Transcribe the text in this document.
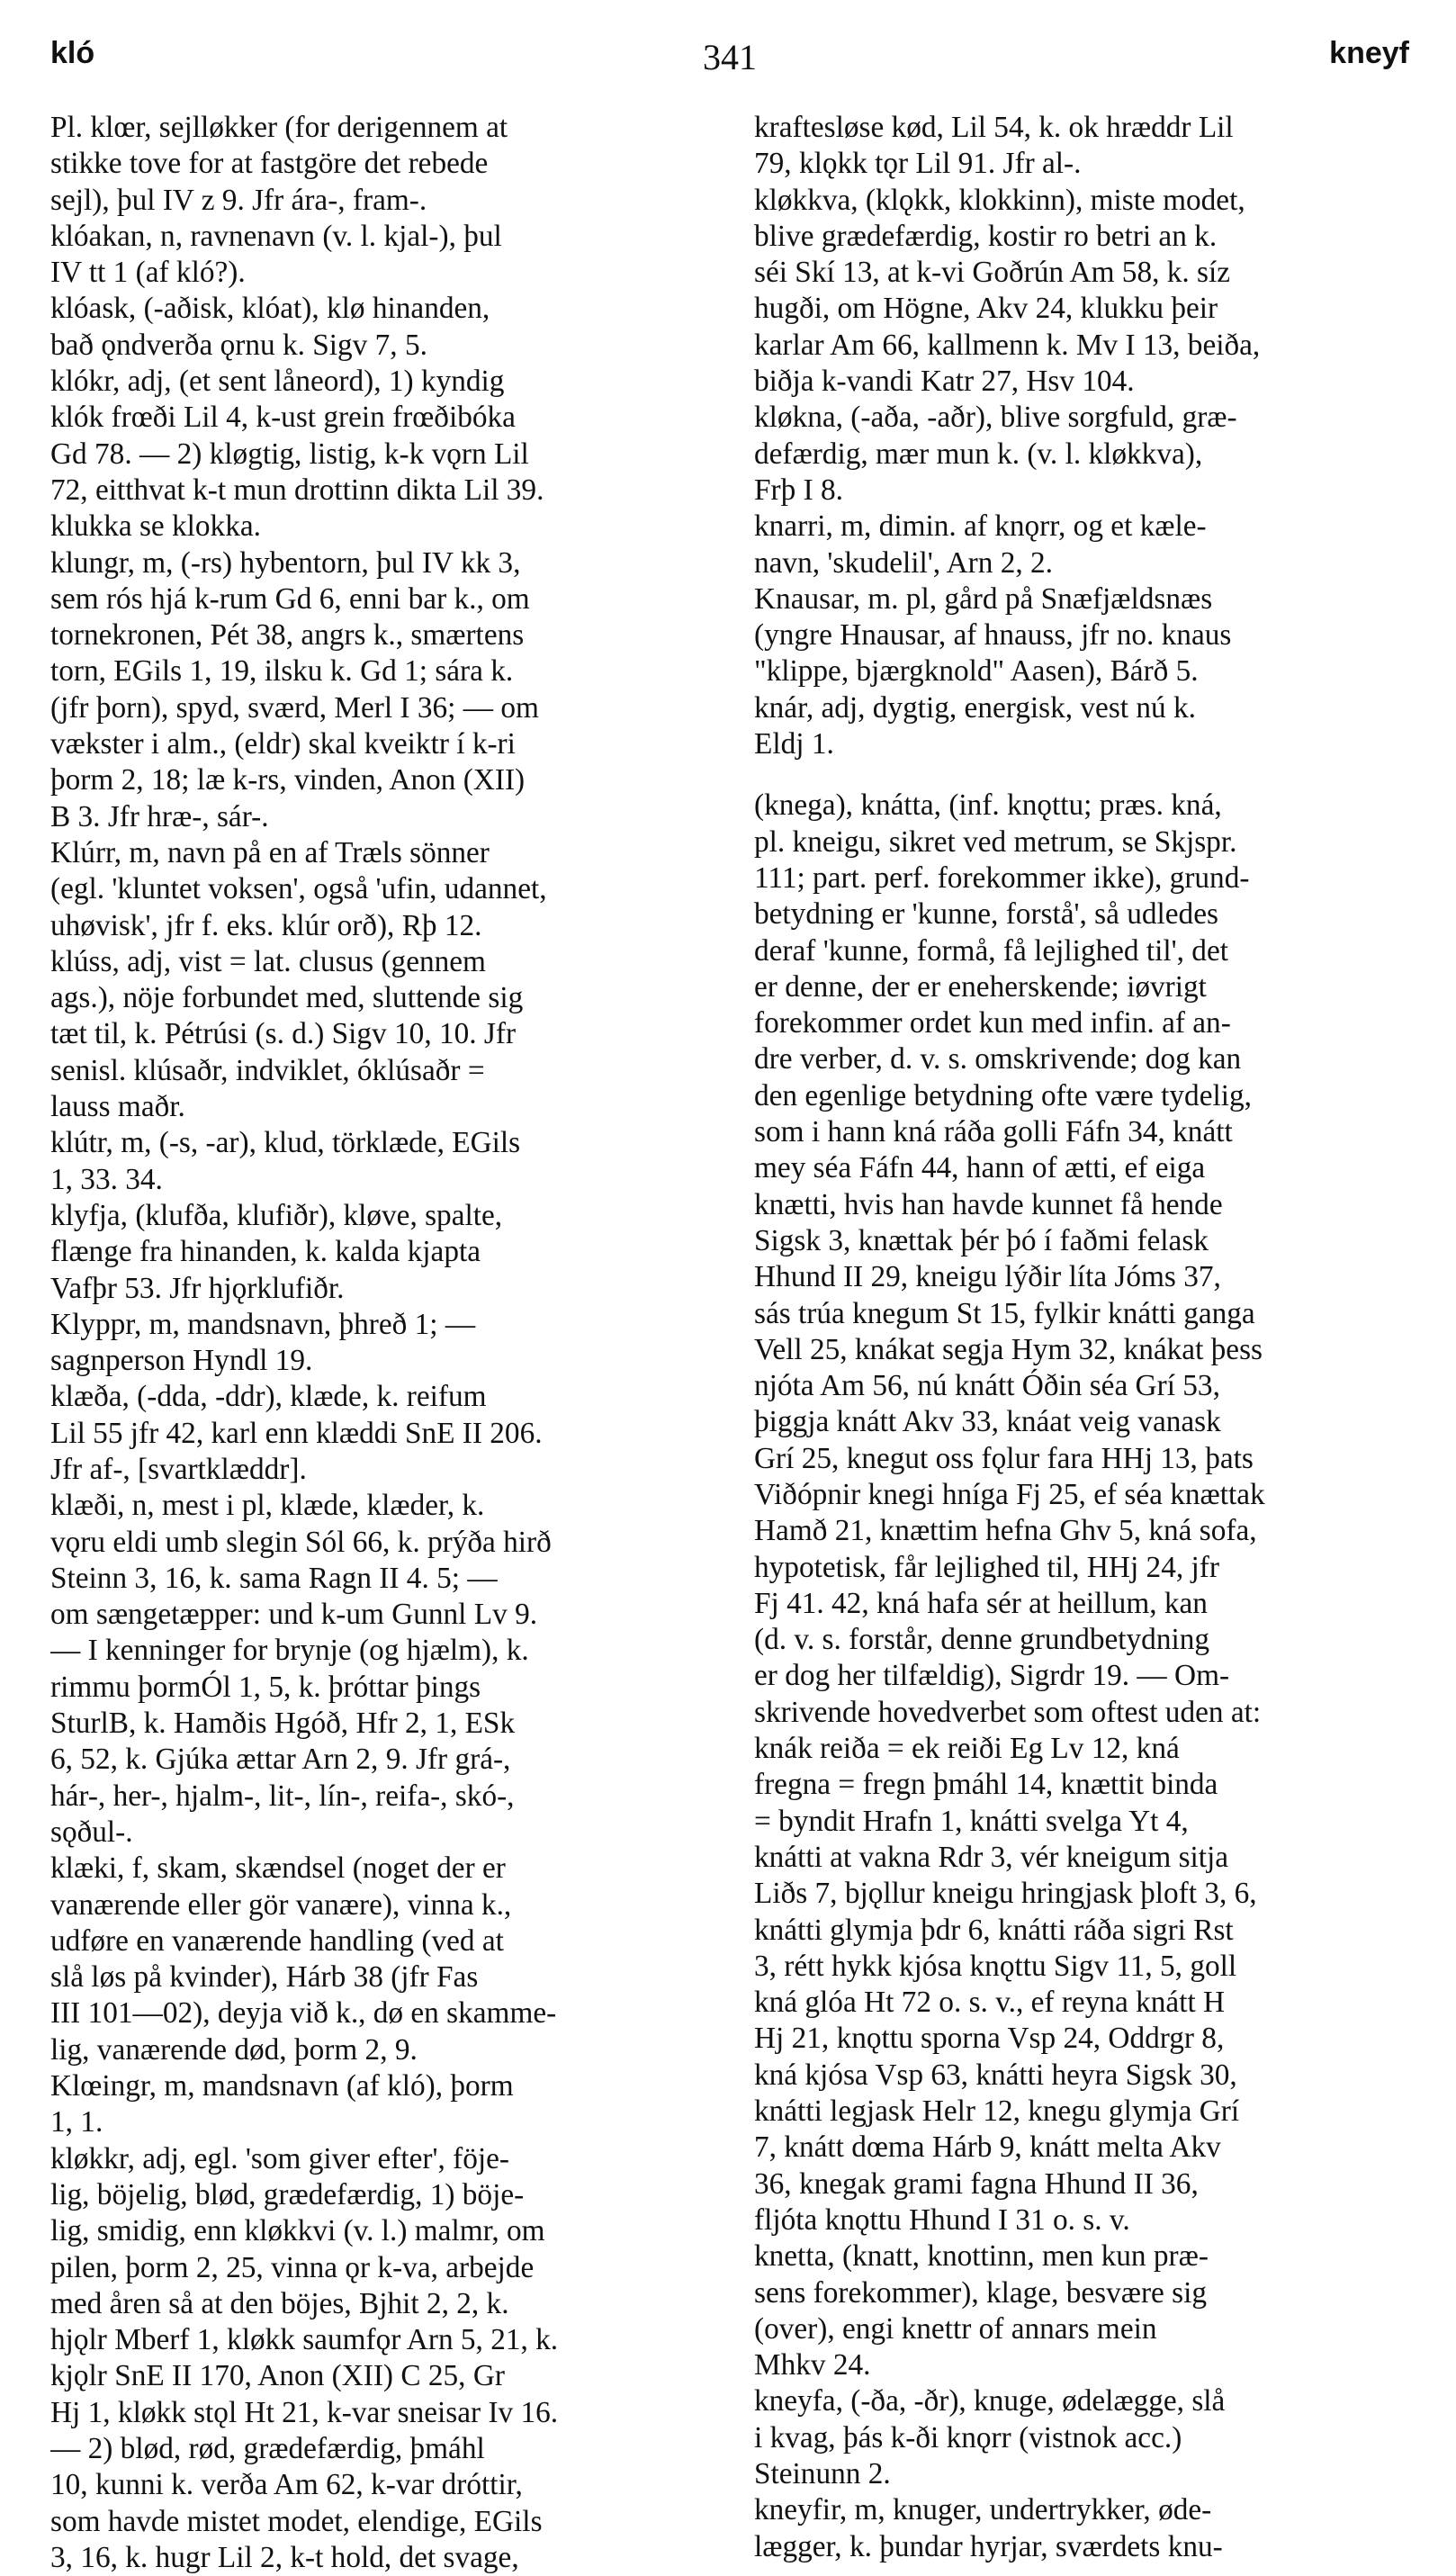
kló	341	kneyf
Pl. klœr, sejlløkker (for derigennem at
stikke tove for at fastgöre det rebede
sejl), þul IV z 9. Jfr ára-, fram-.
klóakan, n, ravnenavn (v. l. kjal-), þul
IV tt 1 (af kló?).
klóask, (-aðisk, klóat), klø hinanden,
bað ǫndverða ǫrnu k. Sigv 7, 5.
klókr, adj, (et sent låneord), 1) kyndig
klók frœði Lil 4, k-ust grein frœðibóka
Gd 78. — 2) kløgtig, listig, k-k vǫrn Lil
72, eitthvat k-t mun drottinn dikta Lil 39.
klukka se klokka.
klungr, m, (-rs) hybentorn, þul IV kk 3,
sem rós hjá k-rum Gd 6, enni bar k., om
tornekronen, Pét 38, angrs k., smærtens
torn, EGils 1, 19, ilsku k. Gd 1; sára k.
(jfr þorn), spyd, sværd, Merl I 36; — om
vækster i alm., (eldr) skal kveiktr í k-ri
þorm 2, 18; læ k-rs, vinden, Anon (XII)
B 3. Jfr hræ-, sár-.
Klúrr, m, navn på en af Træls sönner
(egl. 'kluntet voksen', også 'ufin, udannet,
uhøvisk', jfr f. eks. klúr orð), Rþ 12.
klúss, adj, vist = lat. clusus (gennem
ags.), nöje forbundet med, sluttende sig
tæt til, k. Pétrúsi (s. d.) Sigv 10, 10. Jfr
senisl. klúsaðr, indviklet, óklúsaðr =
lauss maðr.
klútr, m, (-s, -ar), klud, törklæde, EGils
1, 33. 34.
klyfja, (klufða, klufiðr), kløve, spalte,
flænge fra hinanden, k. kalda kjapta
Vafþr 53. Jfr hjǫrklufiðr.
Klyppr, m, mandsnavn, þhreð 1; —
sagnperson Hyndl 19.
klæða, (-dda, -ddr), klæde, k. reifum
Lil 55 jfr 42, karl enn klæddi SnE II 206.
Jfr af-, [svartklæddr].
klæði, n, mest i pl, klæde, klæder, k.
vǫru eldi umb slegin Sól 66, k. prýða hirð
Steinn 3, 16, k. sama Ragn II 4. 5; —
om sængetæpper: und k-um Gunnl Lv 9.
— I kenninger for brynje (og hjælm), k.
rimmu þormÓl 1, 5, k. þróttar þings
SturlB, k. Hamðis Hgóð, Hfr 2, 1, ESk
6, 52, k. Gjúka ættar Arn 2, 9. Jfr grá-,
hár-, her-, hjalm-, lit-, lín-, reifa-, skó-,
sǫðul-.
klæki, f, skam, skændsel (noget der er
vanærende eller gör vanære), vinna k.,
udføre en vanærende handling (ved at
slå løs på kvinder), Hárb 38 (jfr Fas
III 101—02), deyja við k., dø en skamme-
lig, vanærende død, þorm 2, 9.
Klœingr, m, mandsnavn (af kló), þorm
1, 1.
kløkkr, adj, egl. 'som giver efter', föje-
lig, böjelig, blød, grædefærdig, 1) böje-
lig, smidig, enn kløkkvi (v. l.) malmr, om
pilen, þorm 2, 25, vinna ǫr k-va, arbejde
med åren så at den böjes, Bjhit 2, 2, k.
hjǫlr Mberf 1, kløkk saumfǫr Arn 5, 21, k.
kjǫlr SnE II 170, Anon (XII) C 25, Gr
Hj 1, kløkk stǫl Ht 21, k-var sneisar Iv 16.
— 2) blød, rød, grædefærdig, þmáhl
10, kunni k. verða Am 62, k-var dróttir,
som havde mistet modet, elendige, EGils
3, 16, k. hugr Lil 2, k-t hold, det svage,
kraftesløse kød, Lil 54, k. ok hræddr Lil
79, klǫkk tǫr Lil 91. Jfr al-.
kløkkva, (klǫkk, klokkinn), miste modet,
blive grædefærdig, kostir ro betri an k.
séi Skí 13, at k-vi Goðrún Am 58, k. síz
hugði, om Högne, Akv 24, klukku þeir
karlar Am 66, kallmenn k. Mv I 13, beiða,
biðja k-vandi Katr 27, Hsv 104.
kløkna, (-aða, -aðr), blive sorgfuld, græ-
defærdig, mær mun k. (v. l. kløkkva),
Frþ I 8.
knarri, m, dimin. af knǫrr, og et kæle-
navn, 'skudelil', Arn 2, 2.
Knausar, m. pl, gård på Snæfjældsnæs
(yngre Hnausar, af hnauss, jfr no. knaus
"klippe, bjærgknold" Aasen), Bárð 5.
knár, adj, dygtig, energisk, vest nú k.
Eldj 1.
(knega), knátta, (inf. knǫttu; præs. kná,
pl. kneigu, sikret ved metrum, se Skjspr.
111; part. perf. forekommer ikke), grund-
betydning er 'kunne, forstå', så udledes
deraf 'kunne, formå, få lejlighed til', det
er denne, der er eneherskende; iøvrigt
forekommer ordet kun med infin. af an-
dre verber, d. v. s. omskrivende; dog kan
den egenlige betydning ofte være tydelig,
som i hann kná ráða golli Fáfn 34, knátt
mey séa Fáfn 44, hann of ætti, ef eiga
knætti, hvis han havde kunnet få hende
Sigsk 3, knættak þér þó í faðmi felask
Hhund II 29, kneigu lýðir líta Jóms 37,
sás trúa knegum St 15, fylkir knátti ganga
Vell 25, knákat segja Hym 32, knákat þess
njóta Am 56, nú knátt Óðin séa Grí 53,
þiggja knátt Akv 33, knáat veig vanask
Grí 25, knegut oss fǫlur fara HHj 13, þats
Viðópnir knegi hníga Fj 25, ef séa knættak
Hamð 21, knættim hefna Ghv 5, kná sofa,
hypotetisk, får lejlighed til, HHj 24, jfr
Fj 41. 42, kná hafa sér at heillum, kan
(d. v. s. forstår, denne grundbetydning
er dog her tilfældig), Sigrdr 19. — Om-
skrivende hovedverbet som oftest uden at:
knák reiða = ek reiði Eg Lv 12, kná
fregna = fregn þmáhl 14, knættit binda
= byndit Hrafn 1, knátti svelga Yt 4,
knátti at vakna Rdr 3, vér kneigum sitja
Liðs 7, bjǫllur kneigu hringjask þloft 3, 6,
knátti glymja þdr 6, knátti ráða sigri Rst
3, rétt hykk kjósa knǫttu Sigv 11, 5, goll
kná glóa Ht 72 o. s. v., ef reyna knátt H
Hj 21, knǫttu sporna Vsp 24, Oddrgr 8,
kná kjósa Vsp 63, knátti heyra Sigsk 30,
knátti legjask Helr 12, knegu glymja Grí
7, knátt dœma Hárb 9, knátt melta Akv
36, knegak grami fagna Hhund II 36,
fljóta knǫttu Hhund I 31 o. s. v.
knetta, (knatt, knottinn, men kun præ-
sens forekommer), klage, besvære sig
(over), engi knettr of annars mein
Mhkv 24.
kneyfa, (-ða, -ðr), knuge, ødelægge, slå
i kvag, þás k-ði knǫrr (vistnok acc.)
Steinunn 2.
kneyfir, m, knuger, undertrykker, øde-
lægger, k. þundar hyrjar, sværdets knu-
